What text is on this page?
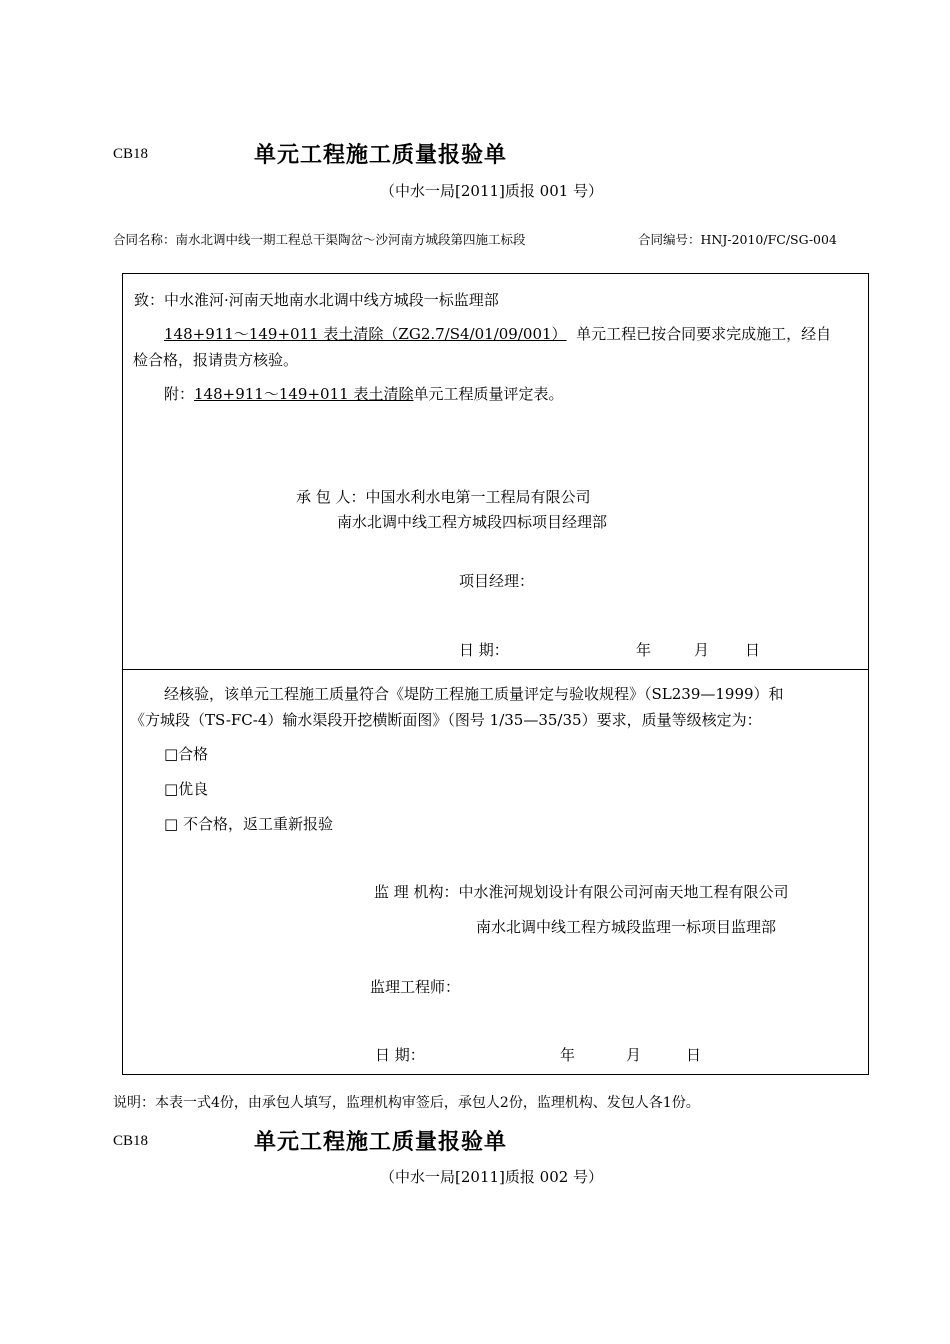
CB18	单元工程施工质量报验单
（中水一局[2011]质报 001 号）
合同名称：南水北调中线一期工程总干渠陶岔～沙河南方城段第四施工标段	合同编号：HNJ-2010/FC/SG-004
致：中水淮河·河南天地南水北调中线方城段一标监理部
148+911～149+011 表土清除（ZG2.7/S4/01/09/001） 单元工程已按合同要求完成施工，经自
检合格，报请贵方核验。
附：148+911～149+011 表土清除单元工程质量评定表。
承 包 人：中国水利水电第一工程局有限公司
南水北调中线工程方城段四标项目经理部
项目经理：
日 期：	年	月 日
经核验，该单元工程施工质量符合《堤防工程施工质量评定与验收规程》（SL239—1999）和
《方城段（TS-FC-4）输水渠段开挖横断面图》（图号 1/35—35/35）要求，质量等级核定为：
□合格
□优良
□ 不合格，返工重新报验
监 理 机构：中水淮河规划设计有限公司河南天地工程有限公司
南水北调中线工程方城段监理一标项目监理部
监理工程师：
日 期：	年	月	日
说明：本表一式4份，由承包人填写，监理机构审签后，承包人2份，监理机构、发包人各1份。
CB18	单元工程施工质量报验单
（中水一局[2011]质报 002 号）
